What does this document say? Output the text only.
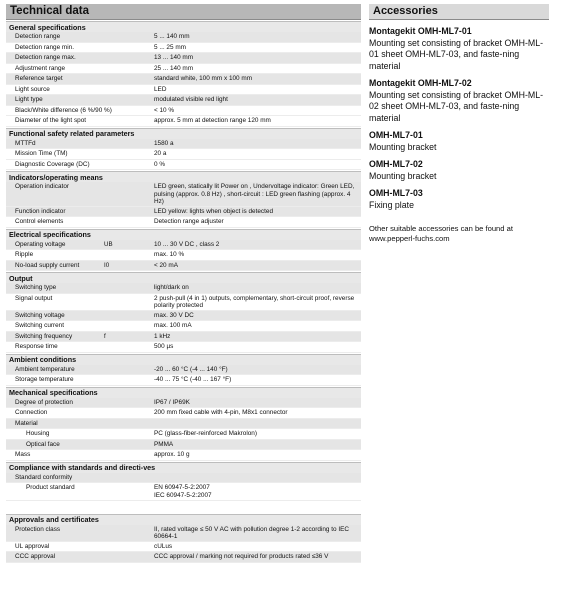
Technical data
General specifications
Detection range	5 ... 140 mm
Detection range min.	5 ... 25 mm
Detection range max.	13 ... 140 mm
Adjustment range	25 ... 140 mm
Reference target	standard white, 100 mm x 100 mm
Light source	LED
Light type	modulated visible red light
Black/White difference (6 %/90 %)	< 10 %
Diameter of the light spot	approx. 5 mm at detection range 120 mm
Functional safety related parameters
MTTFd	1580 a
Mission Time (TM)	20 a
Diagnostic Coverage (DC)	0 %
Indicators/operating means
Operation indicator	LED green, statically lit Power on , Undervoltage indicator: Green LED, pulsing (approx. 0.8 Hz) , short-circuit : LED green flashing (approx. 4 Hz)
Function indicator	LED yellow: lights when object is detected
Control elements	Detection range adjuster
Electrical specifications
Operating voltage	UB	10 ... 30 V DC , class 2
Ripple	max. 10 %
No-load supply current	I0	< 20 mA
Output
Switching type	light/dark on
Signal output	2 push-pull (4 in 1) outputs, complementary, short-circuit proof, reverse polarity protected
Switching voltage	max. 30 V DC
Switching current	max. 100 mA
Switching frequency	f	1 kHz
Response time	500 µs
Ambient conditions
Ambient temperature	-20 ... 60 °C (-4 ... 140 °F)
Storage temperature	-40 ... 75 °C (-40 ... 167 °F)
Mechanical specifications
Degree of protection	IP67 / IP69K
Connection	200 mm fixed cable with 4-pin, M8x1 connector
Material
Housing	PC (glass-fiber-reinforced Makrolon)
Optical face	PMMA
Mass	approx. 10 g
Compliance with standards and directi-ves
Standard conformity
Product standard	EN 60947-5-2:2007
IEC 60947-5-2:2007
Approvals and certificates
Protection class	II, rated voltage ≤ 50 V AC with pollution degree 1-2 according to IEC 60664-1
UL approval	cULus
CCC approval	CCC approval / marking not required for products rated ≤36 V
Accessories
Montagekit OMH-ML7-01
Mounting set consisting of bracket OMH-ML-01 sheet OMH-ML7-03, and faste-ning material
Montagekit OMH-ML7-02
Mounting set consisting of bracket OMH-ML-02 sheet OMH-ML7-03, and faste-ning material
OMH-ML7-01
Mounting bracket
OMH-ML7-02
Mounting bracket
OMH-ML7-03
Fixing plate
Other suitable accessories can be found at www.pepperl-fuchs.com
